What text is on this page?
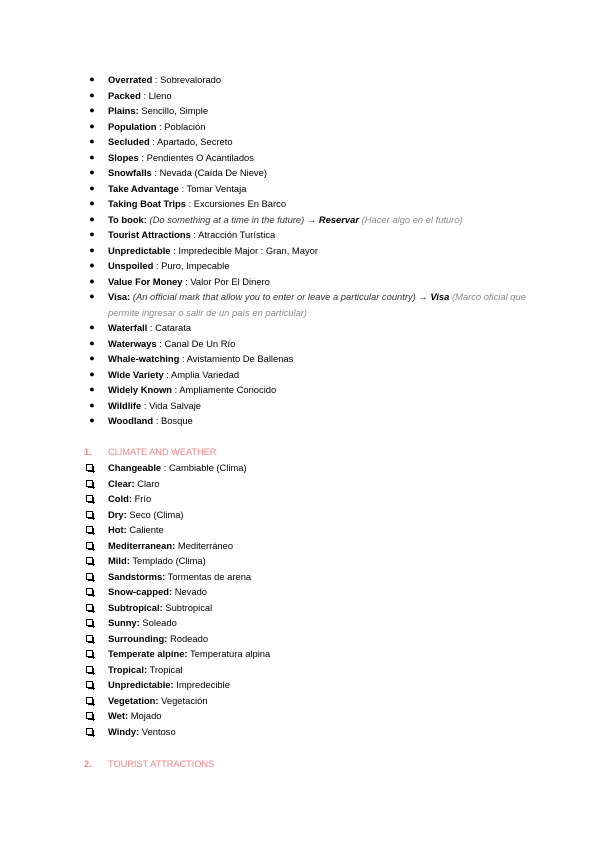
● Overrated : Sobrevalorado
● Packed : Lleno
● Plains: Sencillo, Simple
● Population : Población
● Secluded : Apartado, Secreto
● Slopes : Pendientes O Acantilados
● Snowfalls : Nevada (Caída De Nieve)
● Take Advantage : Tomar Ventaja
● Taking Boat Trips : Excursiones En Barco
● To book: (Do something at a time in the future) → Reservar (Hacer algo en el futuro)
● Tourist Attractions : Atracción Turística
● Unpredictable : Impredecible Major : Gran, Mayor
● Unspoiled : Puro, Impecable
● Value For Money : Valor Por El Dinero
● Visa: (An official mark that allow you to enter or leave a particular country) → Visa (Marco oficial que permite ingresar o salir de un país en particular)
● Waterfall : Catarata
● Waterways : Canal De Un Río
● Whale-watching : Avistamiento De Ballenas
● Wide Variety : Amplia Variedad
● Widely Known : Ampliamente Conocido
● Wildlife : Vida Salvaje
● Woodland : Bosque
1. CLIMATE AND WEATHER
Changeable : Cambiable (Clima)
Clear: Claro
Cold: Frío
Dry: Seco (Clima)
Hot: Caliente
Mediterranean: Mediterráneo
Mild: Templado (Clima)
Sandstorms: Tormentas de arena
Snow-capped: Nevado
Subtropical: Subtropical
Sunny: Soleado
Surrounding: Rodeado
Temperate alpine: Temperatura alpina
Tropical: Tropical
Unpredictable: Impredecible
Vegetation: Vegetación
Wet: Mojado
Windy: Ventoso
2. TOURIST ATTRACTIONS
